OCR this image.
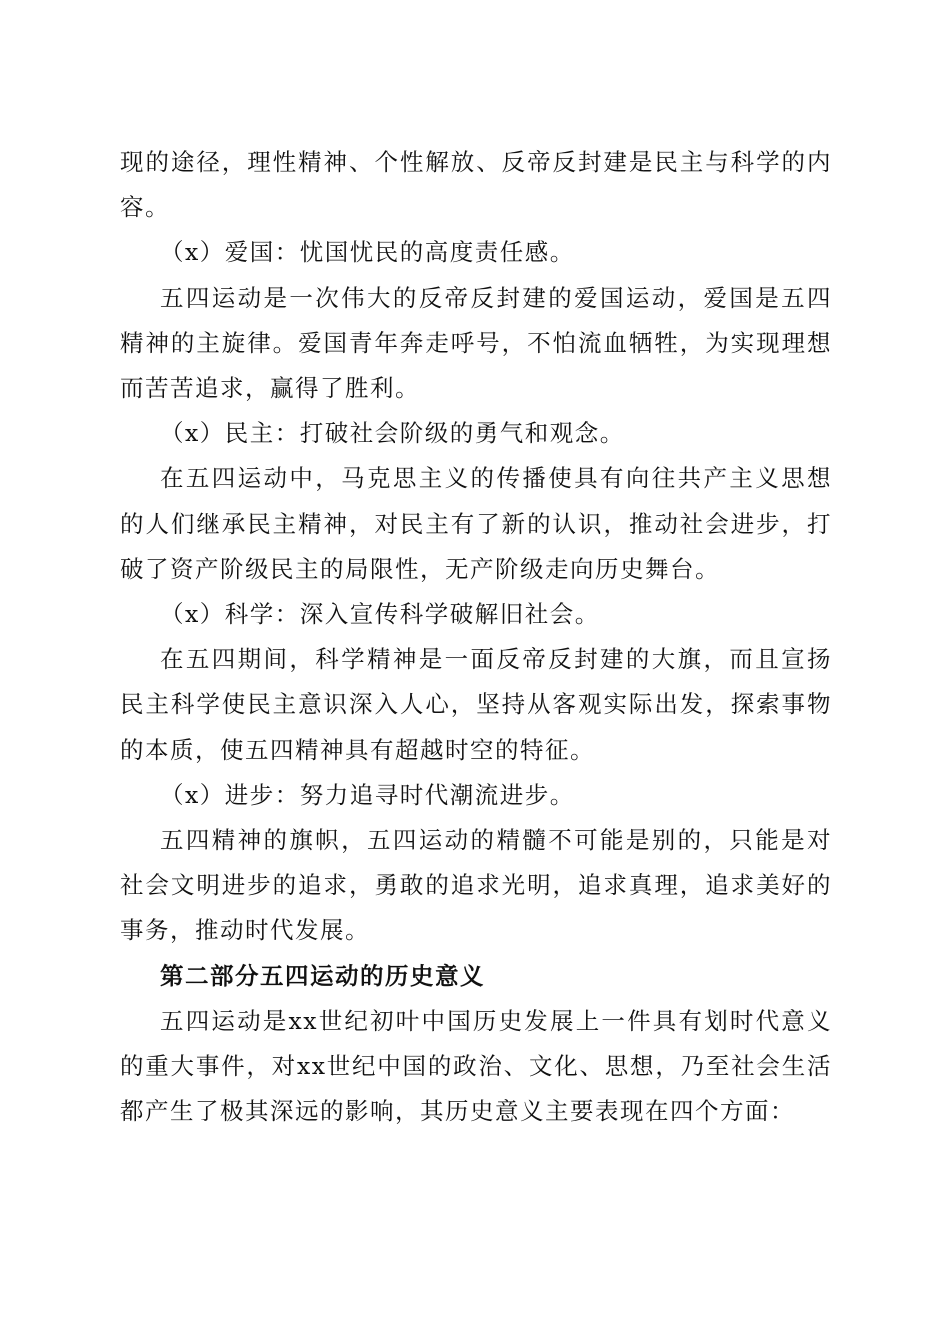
现的途径，理性精神、个性解放、反帝反封建是民主与科学的内容。

（x）爱国：忧国忧民的高度责任感。

五四运动是一次伟大的反帝反封建的爱国运动，爱国是五四精神的主旋律。爱国青年奔走呼号，不怕流血牺牲，为实现理想而苦苦追求，赢得了胜利。

（x）民主：打破社会阶级的勇气和观念。

在五四运动中，马克思主义的传播使具有向往共产主义思想的人们继承民主精神，对民主有了新的认识，推动社会进步，打破了资产阶级民主的局限性，无产阶级走向历史舞台。

（x）科学：深入宣传科学破解旧社会。

在五四期间，科学精神是一面反帝反封建的大旗，而且宣扬民主科学使民主意识深入人心，坚持从客观实际出发，探索事物的本质，使五四精神具有超越时空的特征。

（x）进步：努力追寻时代潮流进步。

五四精神的旗帜，五四运动的精髓不可能是别的，只能是对社会文明进步的追求，勇敢的追求光明，追求真理，追求美好的事务，推动时代发展。

第二部分五四运动的历史意义

五四运动是xx世纪初叶中国历史发展上一件具有划时代意义的重大事件，对xx世纪中国的政治、文化、思想，乃至社会生活都产生了极其深远的影响，其历史意义主要表现在四个方面：
